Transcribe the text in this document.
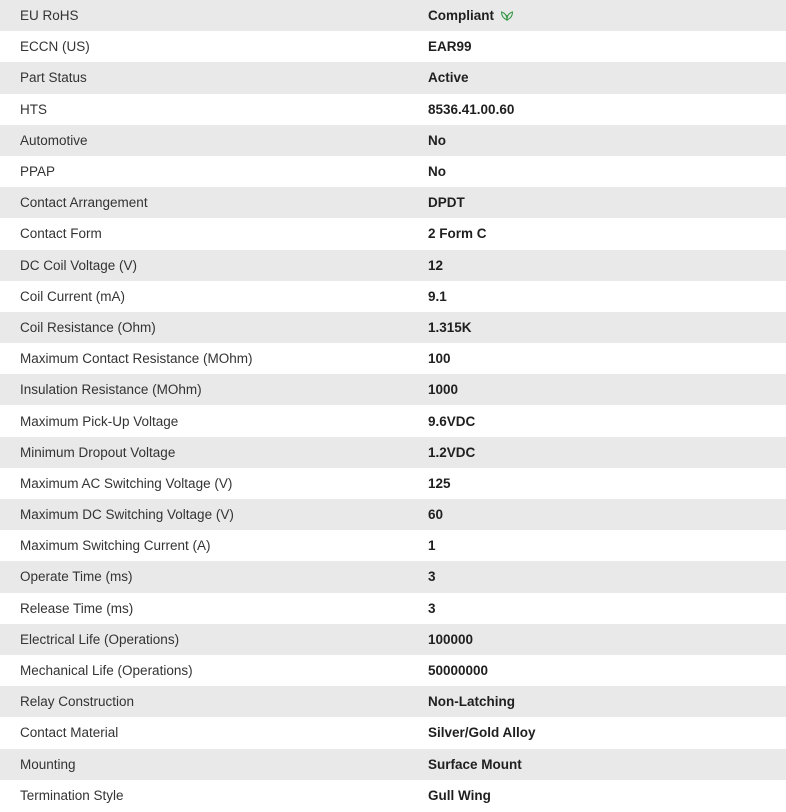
EU RoHS	Compliant
ECCN (US)	EAR99
Part Status	Active
HTS	8536.41.00.60
Automotive	No
PPAP	No
Contact Arrangement	DPDT
Contact Form	2 Form C
DC Coil Voltage (V)	12
Coil Current (mA)	9.1
Coil Resistance (Ohm)	1.315K
Maximum Contact Resistance (MOhm)	100
Insulation Resistance (MOhm)	1000
Maximum Pick-Up Voltage	9.6VDC
Minimum Dropout Voltage	1.2VDC
Maximum AC Switching Voltage (V)	125
Maximum DC Switching Voltage (V)	60
Maximum Switching Current (A)	1
Operate Time (ms)	3
Release Time (ms)	3
Electrical Life (Operations)	100000
Mechanical Life (Operations)	50000000
Relay Construction	Non-Latching
Contact Material	Silver/Gold Alloy
Mounting	Surface Mount
Termination Style	Gull Wing
